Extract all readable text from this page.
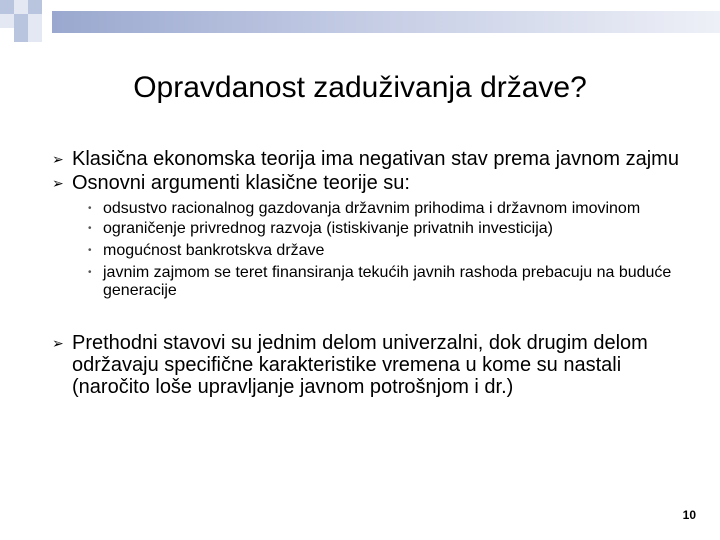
Opravdanost zaduživanja države?
➢ Klasična ekonomska teorija ima negativan stav prema javnom zajmu
➢ Osnovni argumenti klasične teorije su:
• odsustvo racionalnog gazdovanja državnim prihodima i državnom imovinom
• ograničenje privrednog razvoja (istiskivanje privatnih investicija)
• mogućnost bankrotskva države
• javnim zajmom se teret finansiranja tekućih javnih rashoda prebacuju na buduće generacije
➢ Prethodni stavovi su jednim delom univerzalni, dok drugim delom održavaju specifične karakteristike vremena u kome su nastali (naročito loše upravljanje javnom potrošnjom i dr.)
10
